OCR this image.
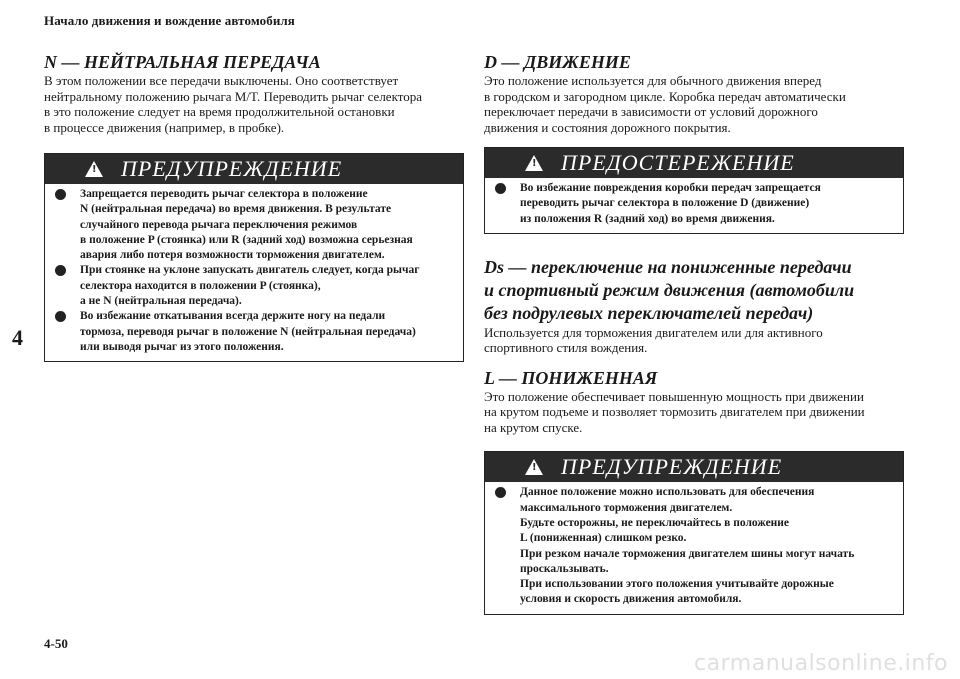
Начало движения и вождение автомобиля
4
4-50
carmanualsonline.info
N — НЕЙТРАЛЬНАЯ ПЕРЕДАЧА

В этом положении все передачи выключены. Оно соответствует
нейтральному положению рычага M/T. Переводить рычаг селектора
в это положение следует на время продолжительной остановки
в процессе движения (например, в пробке).

! ПРЕДУПРЕЖДЕНИЕ
Запрещается переводить рычаг селектора в положение
N (нейтральная передача) во время движения. В результате
случайного перевода рычага переключения режимов
в положение P (стоянка) или R (задний ход) возможна серьезная
авария либо потеря возможности торможения двигателем.
При стоянке на уклоне запускать двигатель следует, когда рычаг
селектора находится в положении P (стоянка),
а не N (нейтральная передача).
Во избежание откатывания всегда держите ногу на педали
тормоза, переводя рычаг в положение N (нейтральная передача)
или выводя рычаг из этого положения.
D — ДВИЖЕНИЕ

Это положение используется для обычного движения вперед
в городском и загородном цикле. Коробка передач автоматически
переключает передачи в зависимости от условий дорожного
движения и состояния дорожного покрытия.

! ПРЕДОСТЕРЕЖЕНИЕ
Во избежание повреждения коробки передач запрещается
переводить рычаг селектора в положение D (движение)
из положения R (задний ход) во время движения.
Ds — переключение на пониженные передачи
и спортивный режим движения (автомобили
без подрулевых переключателей передач)

Используется для торможения двигателем или для активного
спортивного стиля вождения.

L — ПОНИЖЕННАЯ

Это положение обеспечивает повышенную мощность при движении
на крутом подъеме и позволяет тормозить двигателем при движении
на крутом спуске.

! ПРЕДУПРЕЖДЕНИЕ
Данное положение можно использовать для обеспечения
максимального торможения двигателем.
Будьте осторожны, не переключайтесь в положение
L (пониженная) слишком резко.
При резком начале торможения двигателем шины могут начать
проскальзывать.
При использовании этого положения учитывайте дорожные
условия и скорость движения автомобиля.
